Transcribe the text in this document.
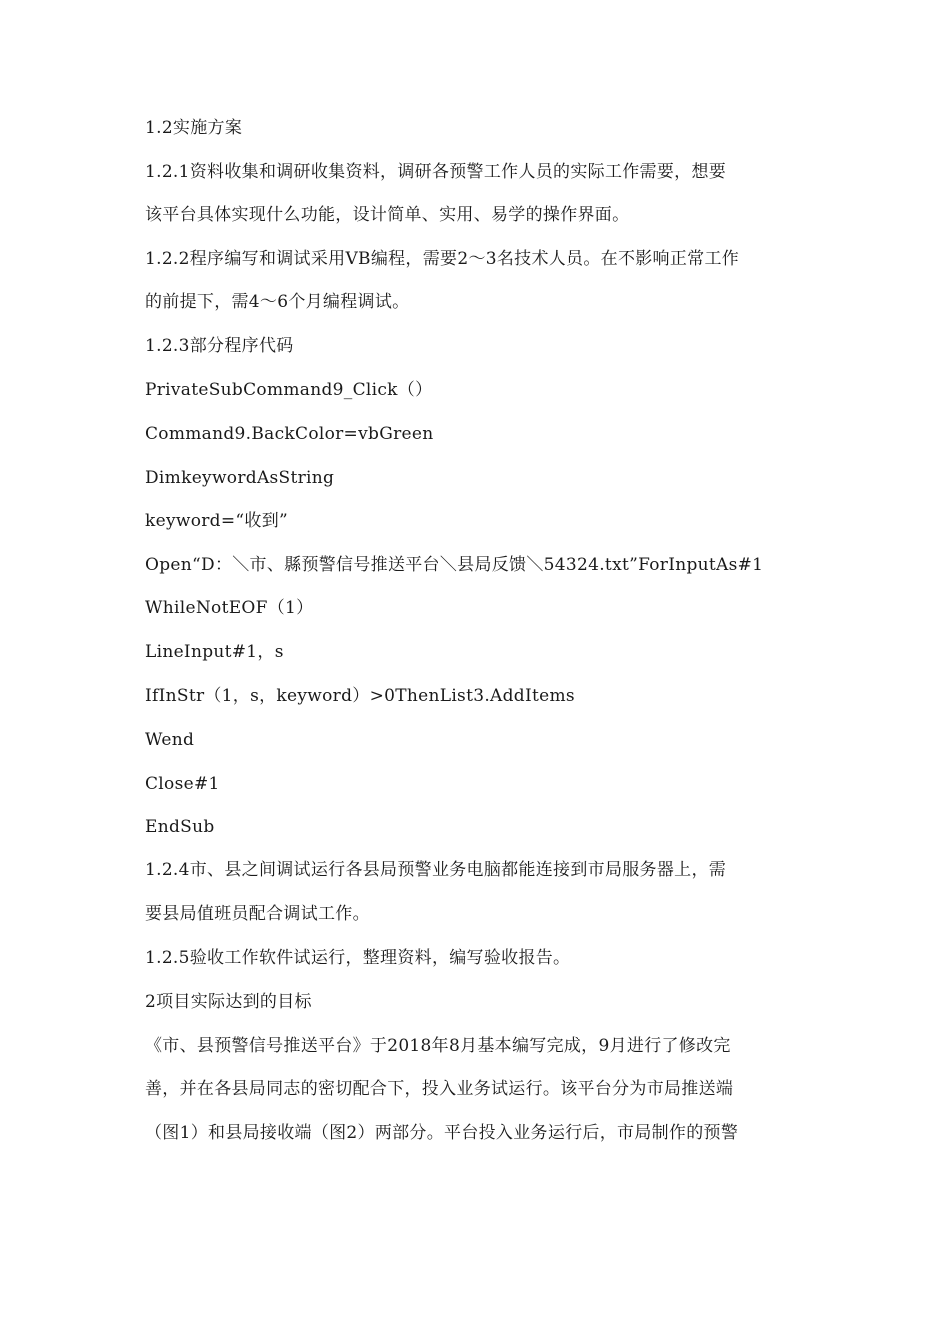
1.2实施方案
1.2.1资料收集和调研收集资料，调研各预警工作人员的实际工作需要，想要
该平台具体实现什么功能，设计简单、实用、易学的操作界面。
1.2.2程序编写和调试采用VB编程，需要2～3名技术人员。在不影响正常工作
的前提下，需4～6个月编程调试。
1.2.3部分程序代码
PrivateSubCommand9_Click（）
Command9.BackColor=vbGreen
DimkeywordAsString
keyword=“收到”
Open“D：＼市、縣预警信号推送平台＼县局反馈＼54324.txt”ForInputAs#1
WhileNotEOF（1）
LineInput#1，s
IfInStr（1，s，keyword）>0ThenList3.AddItems
Wend
Close#1
EndSub
1.2.4市、县之间调试运行各县局预警业务电脑都能连接到市局服务器上，需
要县局值班员配合调试工作。
1.2.5验收工作软件试运行，整理资料，编写验收报告。
2项目实际达到的目标
《市、县预警信号推送平台》于2018年8月基本编写完成，9月进行了修改完
善，并在各县局同志的密切配合下，投入业务试运行。该平台分为市局推送端
（图1）和县局接收端（图2）两部分。平台投入业务运行后，市局制作的预警
